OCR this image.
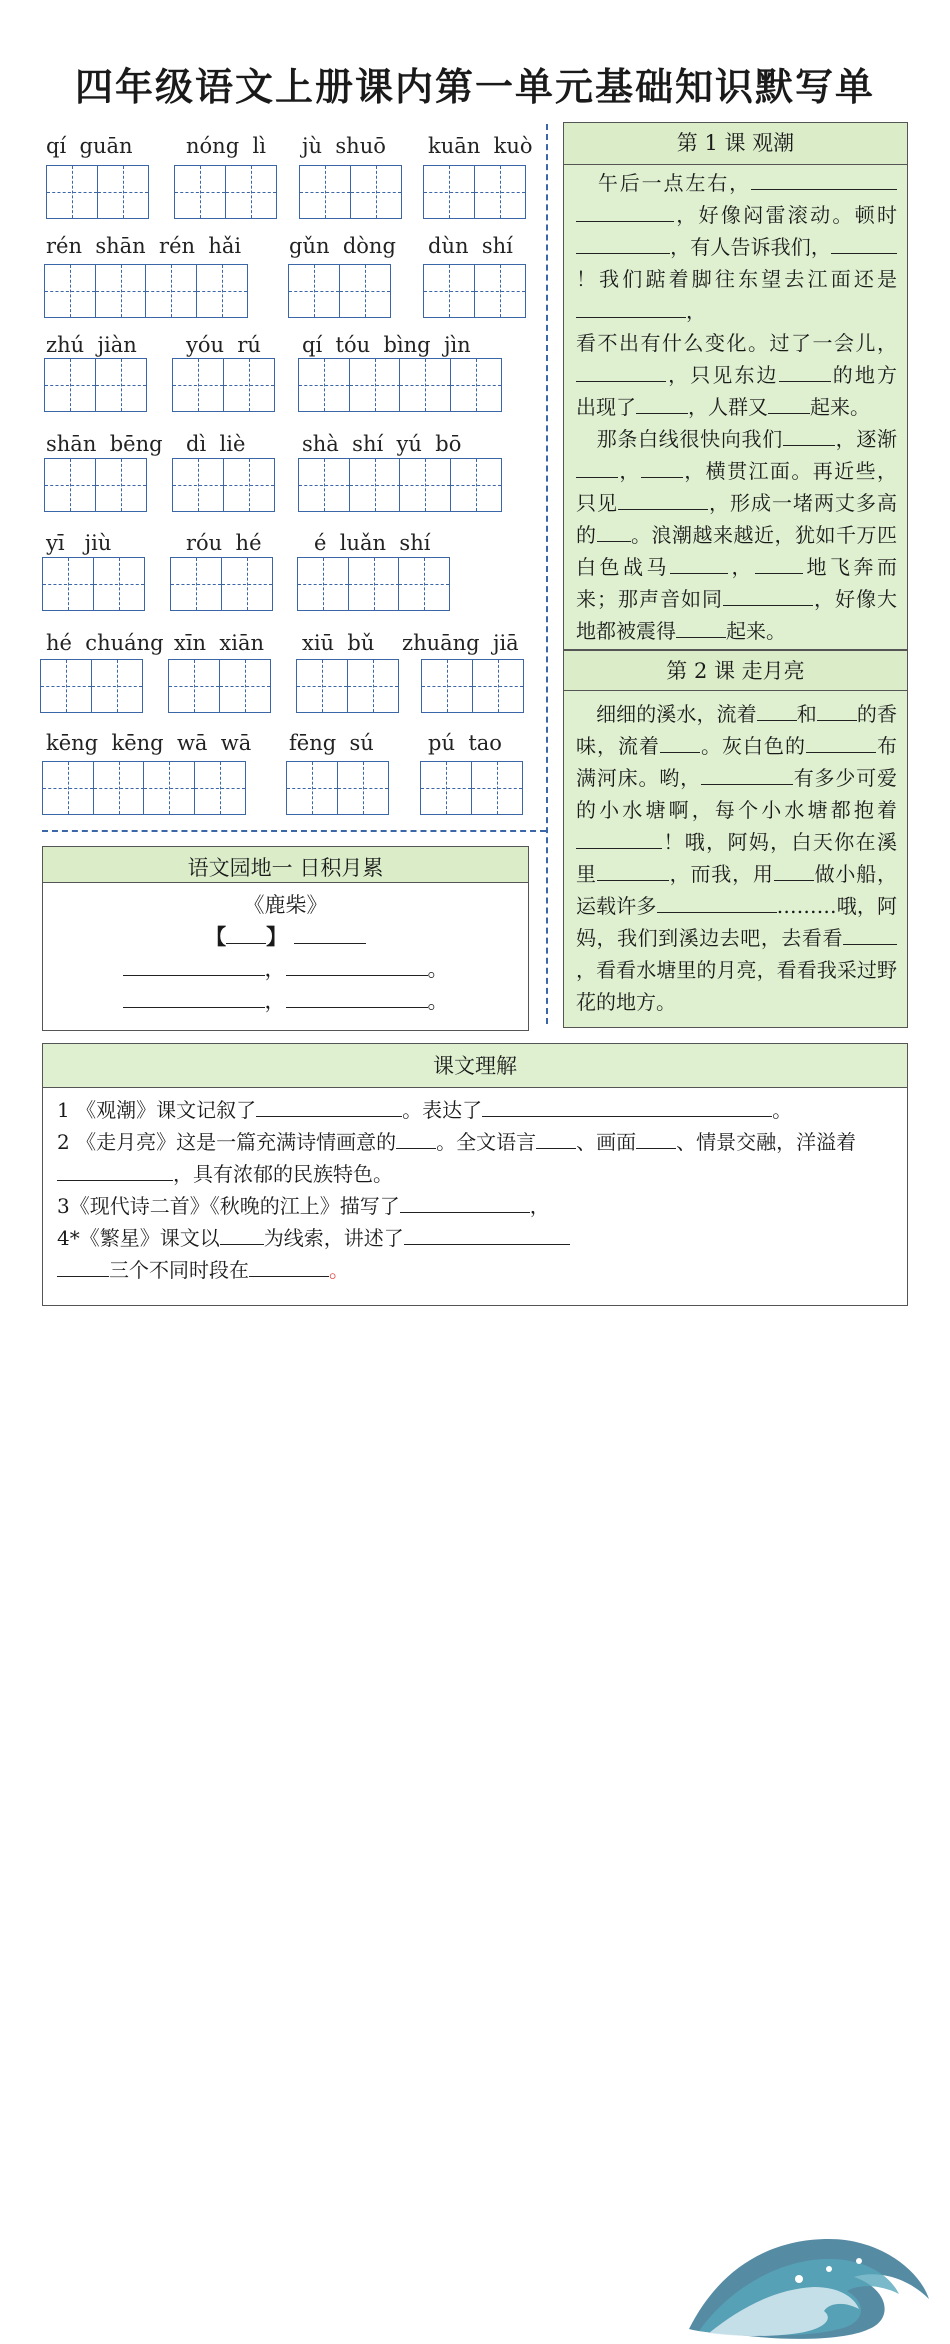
四年级语文上册课内第一单元基础知识默写单
qí  guān	nóng  lì jù  shuō kuān  kuò
rén  shān  rén  hǎi gǔn  dòng dùn  shí
zhú  jiàn yóu  rú qí  tóu  bìng  jìn
shān  bēng dì  liè	shà  shí  yú  bō
yī   jiù	róu  hé é  luǎn  shí
hé  chuáng xīn  xiān xiū  bǔ zhuāng  jiā
kēng  kēng  wā  wā fēng  sú	pú  tao
第 1 课 观潮
 午后一点左右，，好像闷雷滚动。顿时，有人告诉我们，！我们踮着脚往东望去江面还是，
看不出有什么变化。过了一会儿，，只见东边	的地方出现了	，人群又 起来。
 那条白线很快向我们	，逐渐， ，横贯江面。再近些， 只见	，形成一堵两丈多高的 。浪潮越来越近，犹如千万匹白色战马	， 地飞奔而来；那声音如同	，好像大地都被震得	起来。
第 2 课 走月亮
 细细的溪水，流着 和 的香味，流着 。灰白色的	布满河床。哟，	有多少可爱的小水塘啊，每个小水塘都抱着！哦，阿妈，白天你在溪里	，而我，用 做小船，运载许多	………哦，阿妈，我们到溪边去吧，去看看，看看水塘里的月亮，看看我采过野花的地方。
语文园地一 日积月累
《鹿柴》
【 】
，	。
，	。
课文理解
1 《观潮》课文记叙了	。表达了	。
2 《走月亮》这是一篇充满诗情画意的 。全文语言 、画面 、情景交融，洋溢着，具有浓郁的民族特色。
3《现代诗二首》《秋晚的江上》描写了	，
4*《繁星》课文以 为线索，讲述了
三个不同时段在	。
